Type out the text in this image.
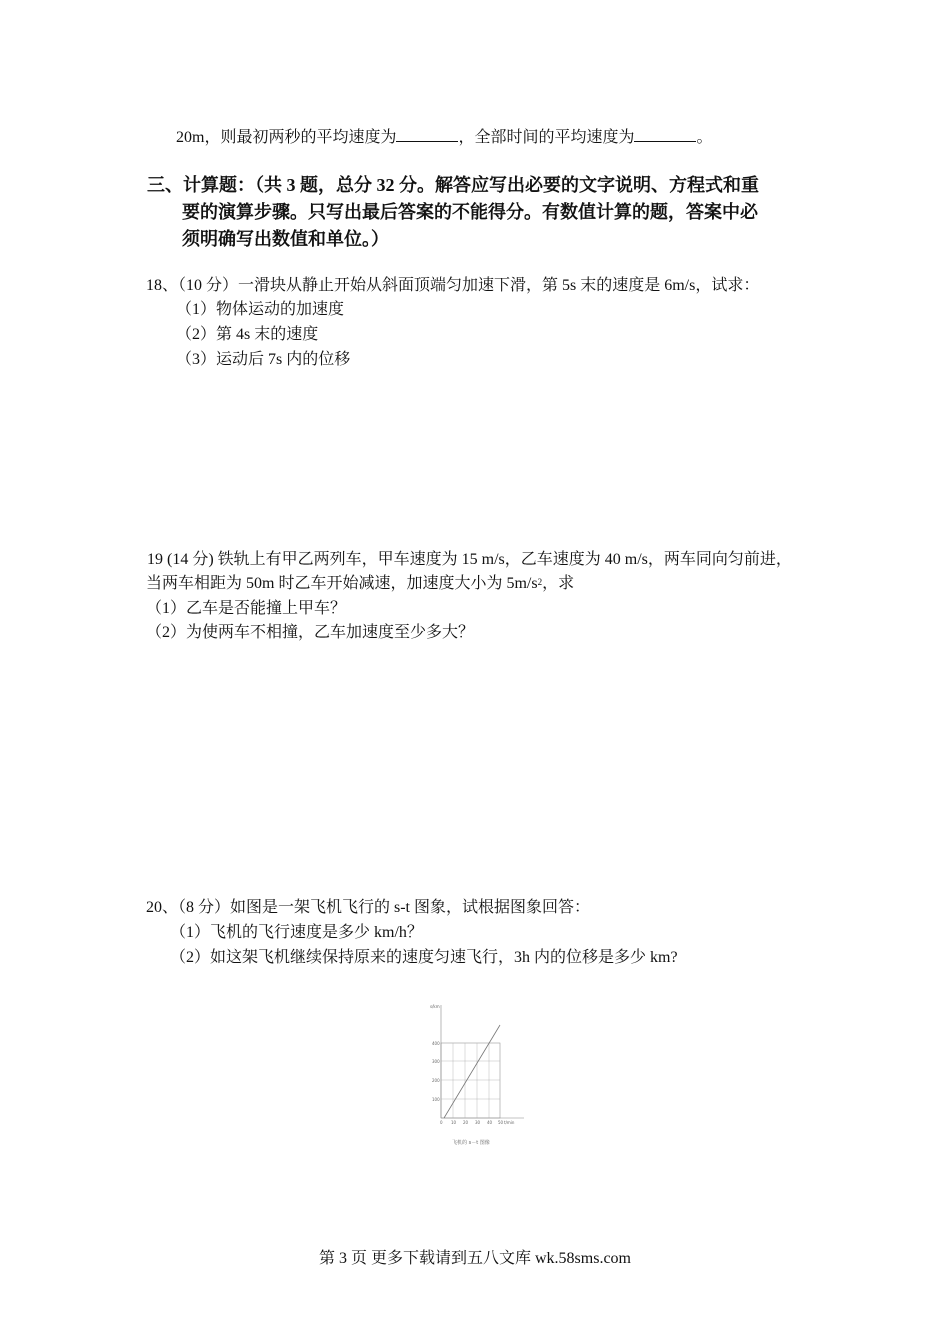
20m，则最初两秒的平均速度为	，全部时间的平均速度为	。
三、计算题：（共 3 题，总分 32 分。解答应写出必要的文字说明、方程式和重
要的演算步骤。只写出最后答案的不能得分。有数值计算的题，答案中必
须明确写出数值和单位。）
18、（10 分）一滑块从静止开始从斜面顶端匀加速下滑，第 5s 末的速度是 6m/s，试求：
（1）物体运动的加速度
（2）第 4s 末的速度
（3）运动后 7s 内的位移
19 (14 分) 铁轨上有甲乙两列车，甲车速度为 15 m/s，乙车速度为 40 m/s，两车同向匀前进，
当两车相距为 50m 时乙车开始减速，加速度大小为 $5m/s^2$，求
（1）乙车是否能撞上甲车？
（2）为使两车不相撞，乙车加速度至少多大？
20、（8 分）如图是一架飞机飞行的 s-t 图象，试根据图象回答：
（1）飞机的飞行速度是多少 km/h？
（2）如这架飞机继续保持原来的速度匀速飞行，3h 内的位移是多少 km?
s/km
t/min
100
200
300
400
0 10 20 30 40 50
飞机的 s－t 图像
第 3 页 更多下载请到五八文库 wk.58sms.com
